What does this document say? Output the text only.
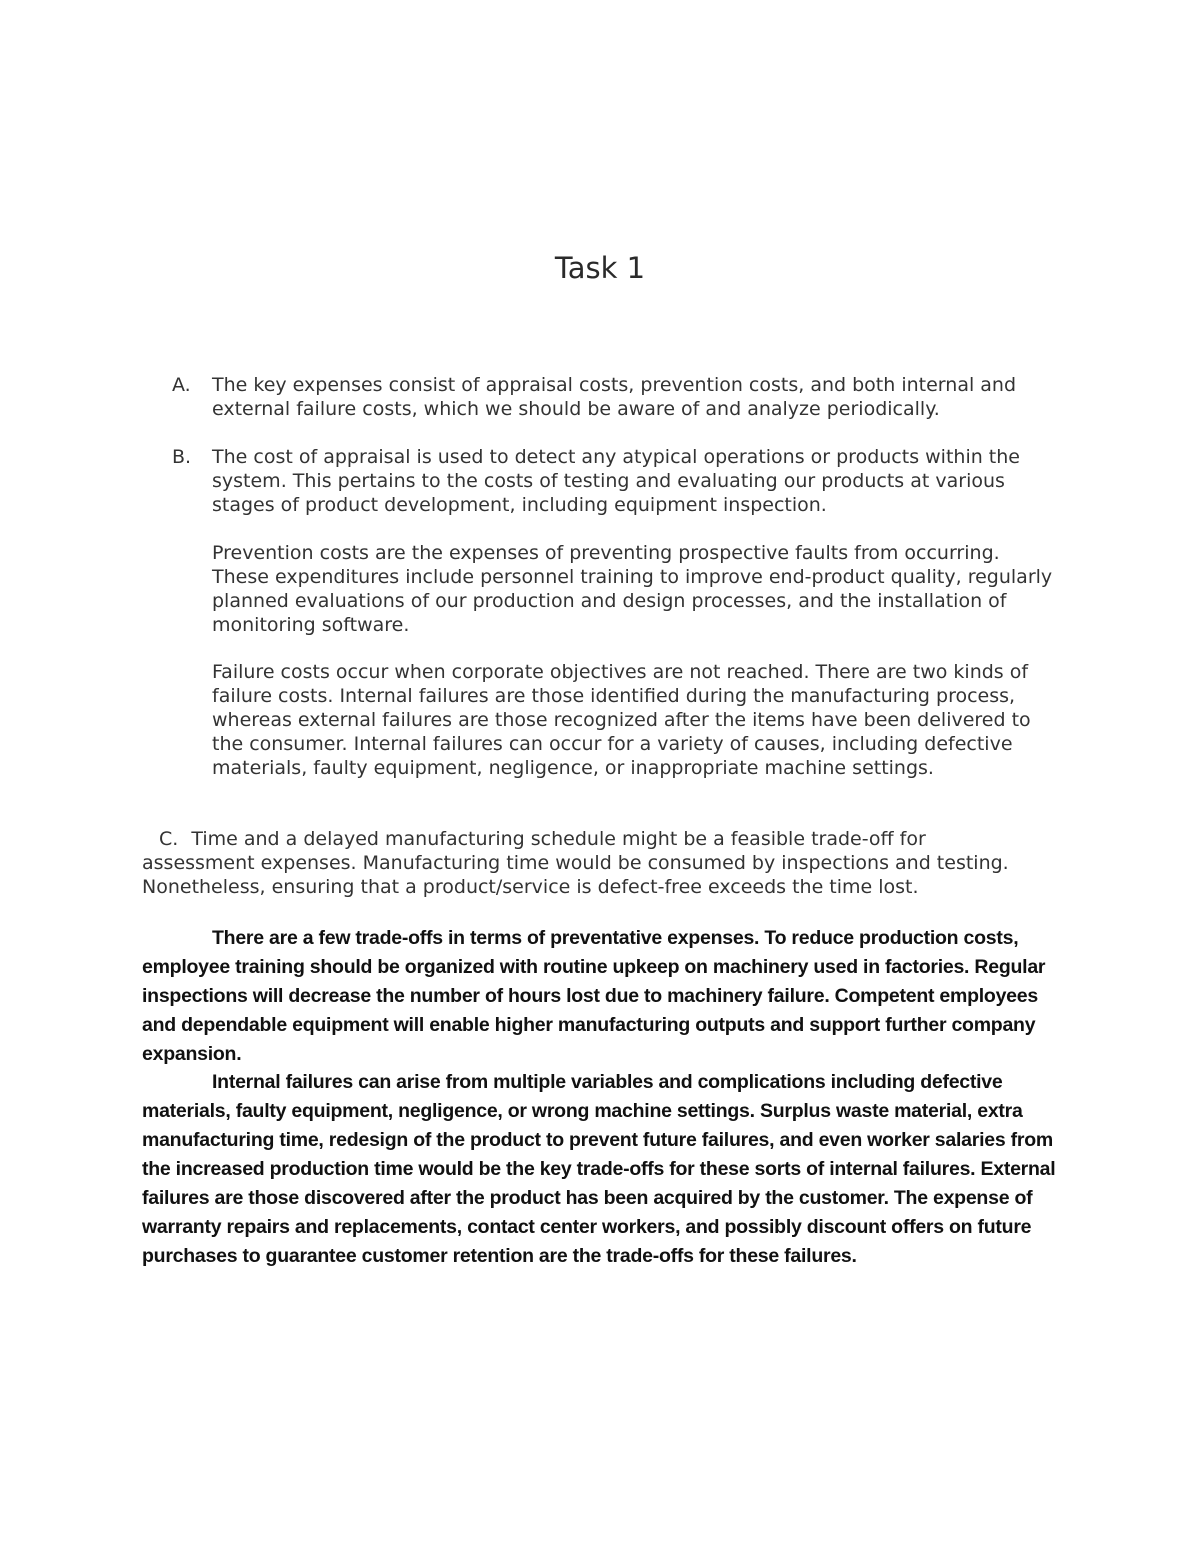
Task 1
A. The key expenses consist of appraisal costs, prevention costs, and both internal and external failure costs, which we should be aware of and analyze periodically.

B. The cost of appraisal is used to detect any atypical operations or products within the system. This pertains to the costs of testing and evaluating our products at various stages of product development, including equipment inspection.

Prevention costs are the expenses of preventing prospective faults from occurring. These expenditures include personnel training to improve end-product quality, regularly planned evaluations of our production and design processes, and the installation of monitoring software.

Failure costs occur when corporate objectives are not reached. There are two kinds of failure costs. Internal failures are those identified during the manufacturing process, whereas external failures are those recognized after the items have been delivered to the consumer. Internal failures can occur for a variety of causes, including defective materials, faulty equipment, negligence, or inappropriate machine settings.

C. Time and a delayed manufacturing schedule might be a feasible trade-off for assessment expenses. Manufacturing time would be consumed by inspections and testing. Nonetheless, ensuring that a product/service is defect-free exceeds the time lost.

There are a few trade-offs in terms of preventative expenses. To reduce production costs, employee training should be organized with routine upkeep on machinery used in factories. Regular inspections will decrease the number of hours lost due to machinery failure. Competent employees and dependable equipment will enable higher manufacturing outputs and support further company expansion.

Internal failures can arise from multiple variables and complications including defective materials, faulty equipment, negligence, or wrong machine settings. Surplus waste material, extra manufacturing time, redesign of the product to prevent future failures, and even worker salaries from the increased production time would be the key trade-offs for these sorts of internal failures. External failures are those discovered after the product has been acquired by the customer. The expense of warranty repairs and replacements, contact center workers, and possibly discount offers on future purchases to guarantee customer retention are the trade-offs for these failures.
